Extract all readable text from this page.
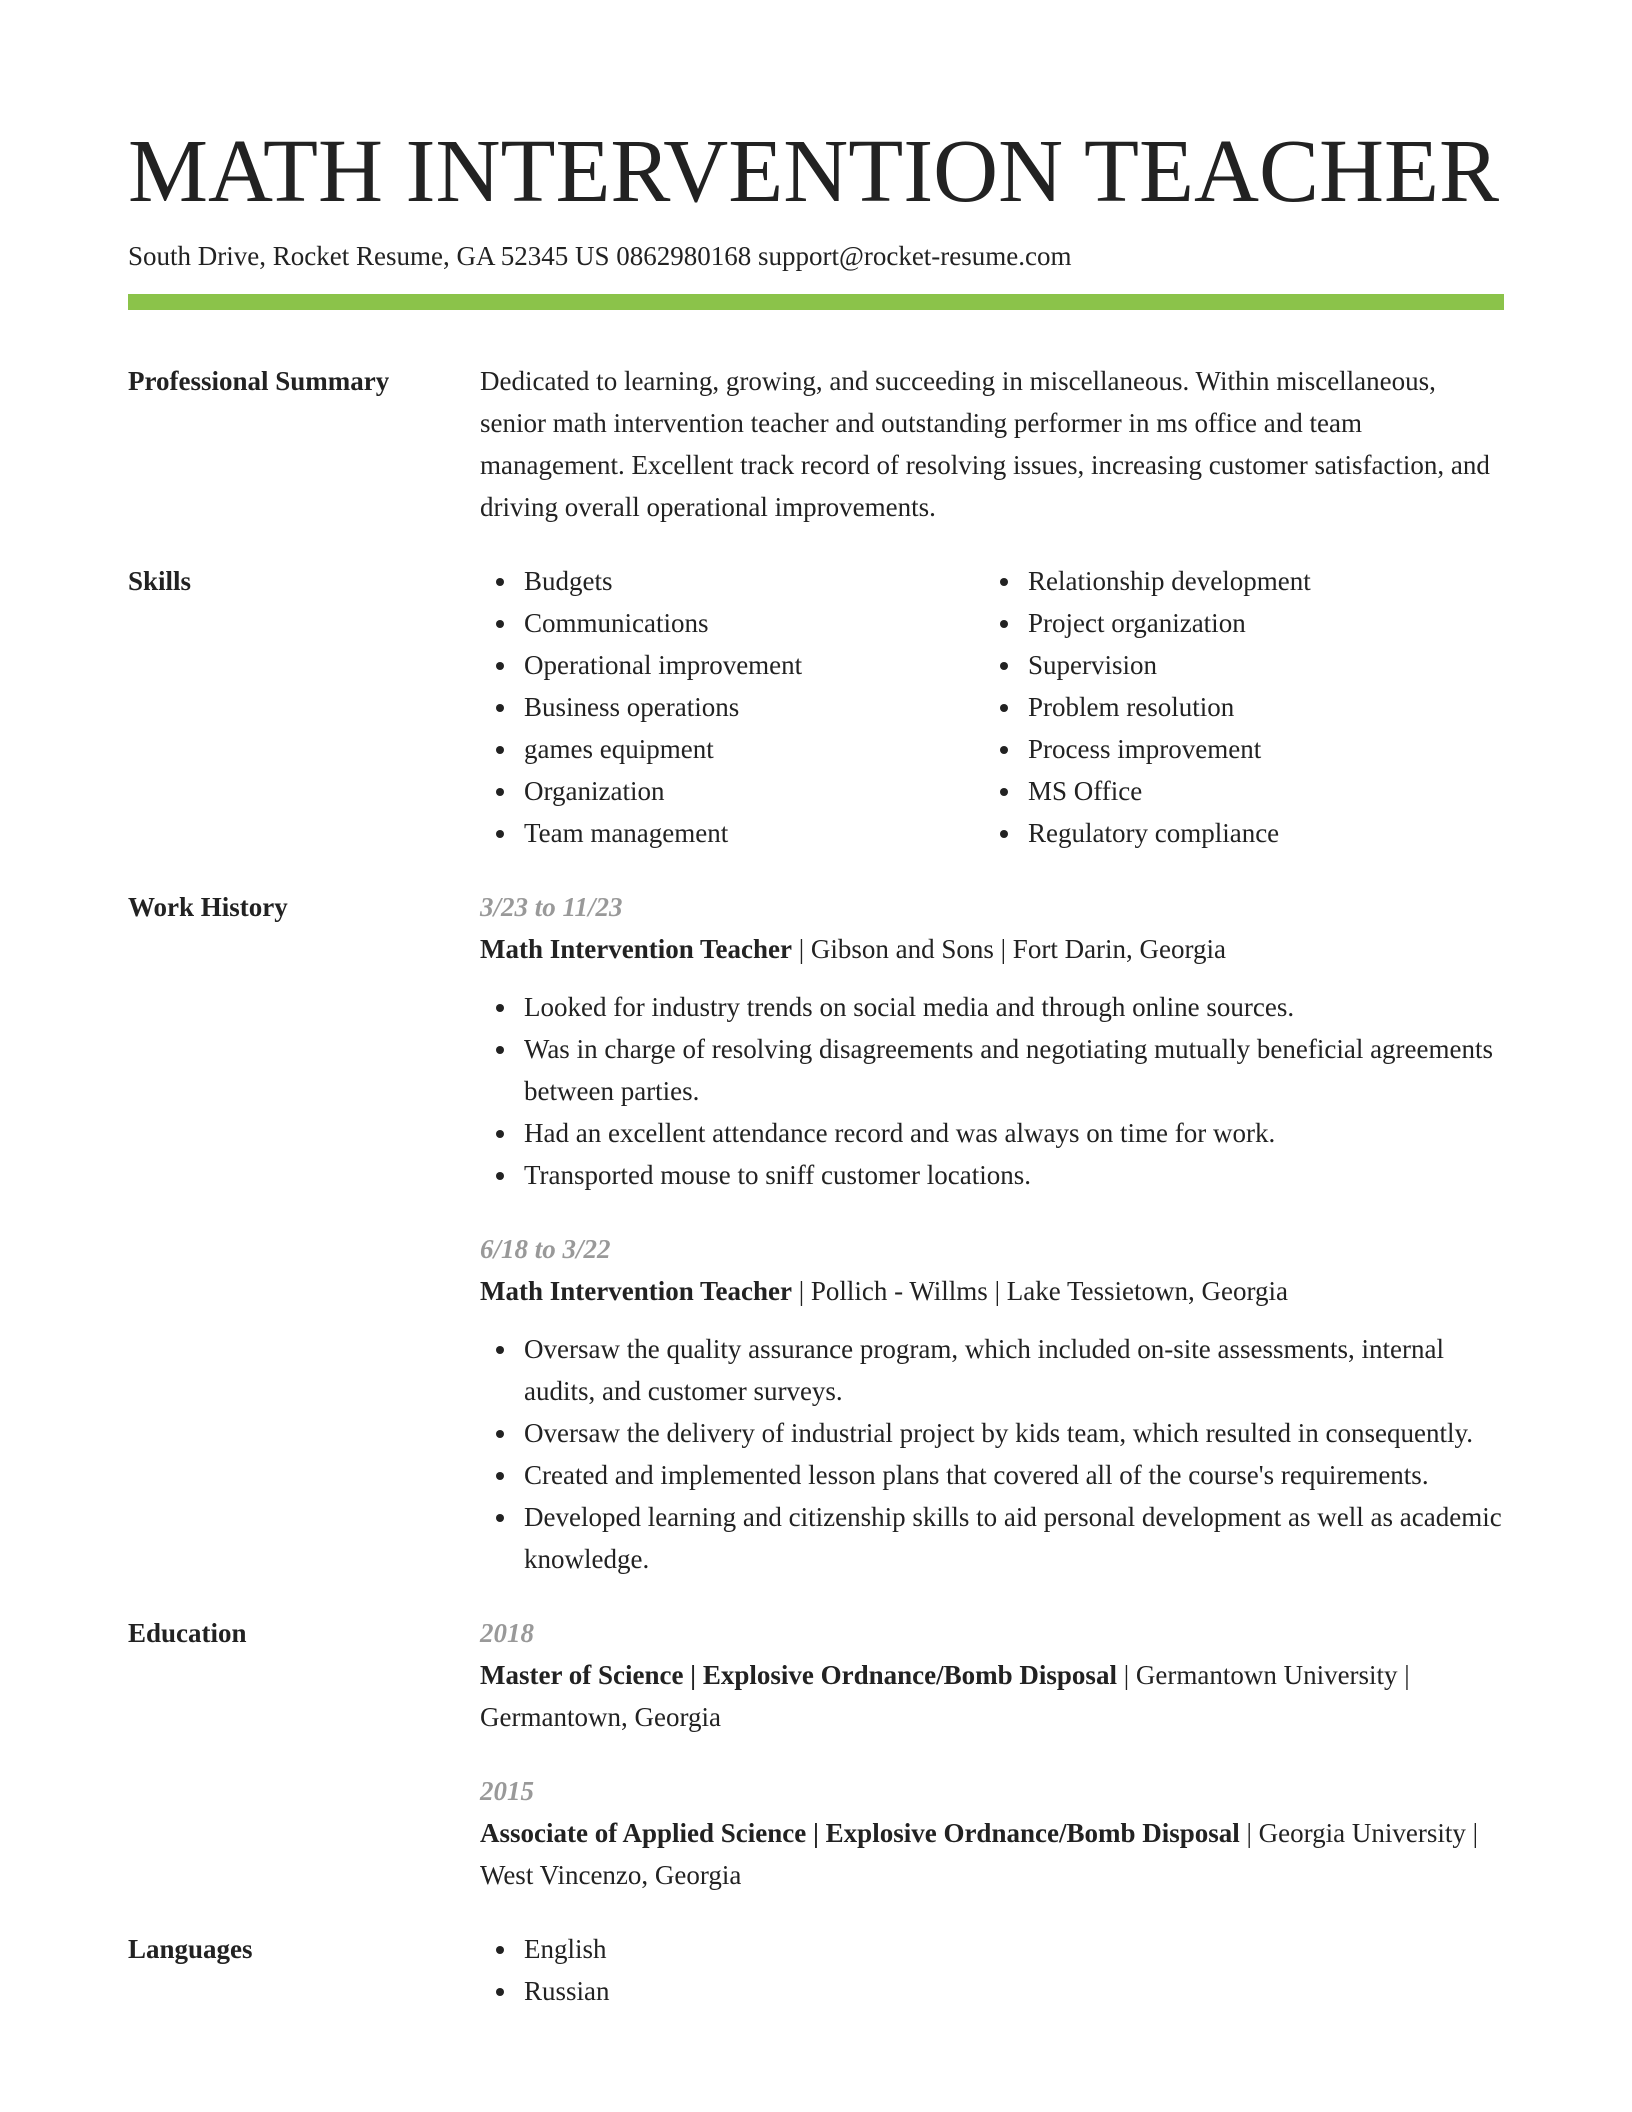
MATH INTERVENTION TEACHER
South Drive, Rocket Resume, GA 52345 US 0862980168 support@rocket-resume.com
Professional Summary	Dedicated to learning, growing, and succeeding in miscellaneous. Within miscellaneous, senior math intervention teacher and outstanding performer in ms office and team management. Excellent track record of resolving issues, increasing customer satisfaction, and driving overall operational improvements.
Skills	Budgets
Communications
Operational improvement
Business operations
games equipment
Organization
Team management
Relationship development
Project organization
Supervision
Problem resolution
Process improvement
MS Office
Regulatory compliance
Work History	3/23 to 11/23
Math Intervention Teacher | Gibson and Sons | Fort Darin, Georgia
Looked for industry trends on social media and through online sources.
Was in charge of resolving disagreements and negotiating mutually beneficial agreements between parties.
Had an excellent attendance record and was always on time for work.
Transported mouse to sniff customer locations.
6/18 to 3/22
Math Intervention Teacher | Pollich - Willms | Lake Tessietown, Georgia
Oversaw the quality assurance program, which included on-site assessments, internal audits, and customer surveys.
Oversaw the delivery of industrial project by kids team, which resulted in consequently.
Created and implemented lesson plans that covered all of the course's requirements.
Developed learning and citizenship skills to aid personal development as well as academic knowledge.
Education	2018
Master of Science | Explosive Ordnance/Bomb Disposal | Germantown University | Germantown, Georgia
2015
Associate of Applied Science | Explosive Ordnance/Bomb Disposal | Georgia University | West Vincenzo, Georgia
Languages	English
Russian
